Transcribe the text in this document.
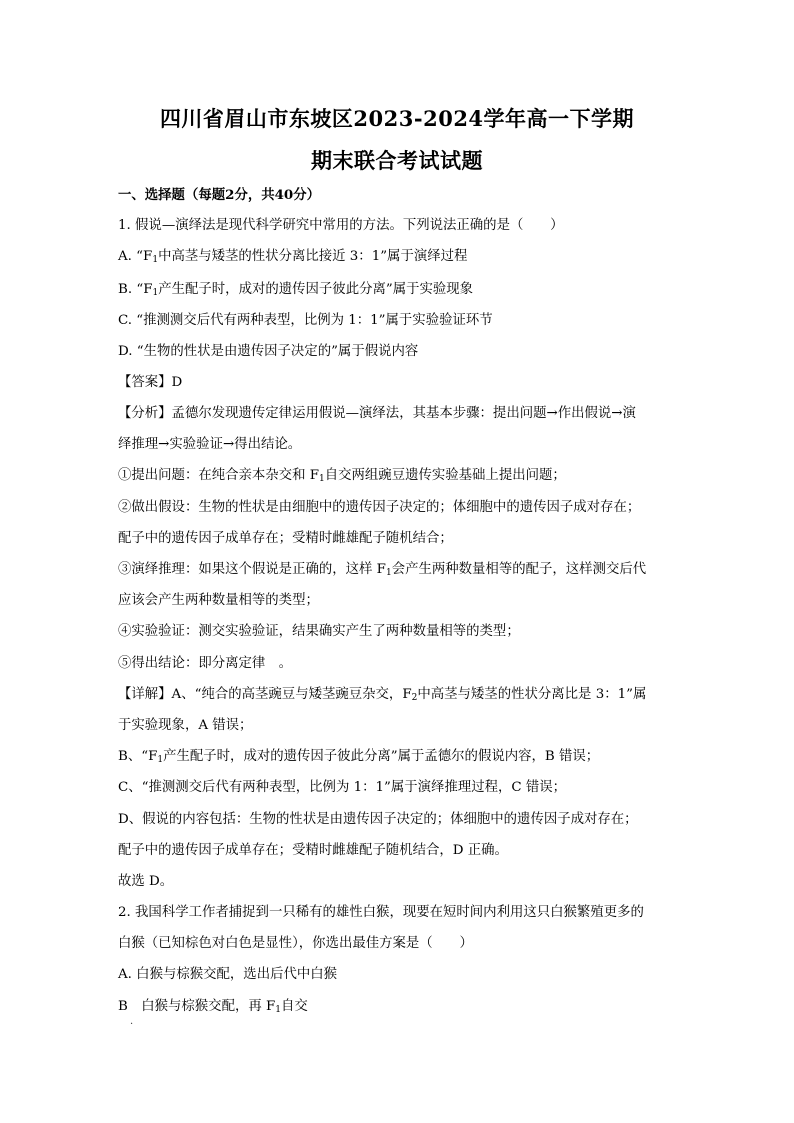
四川省眉山市东坡区2023-2024学年高一下学期
期末联合考试试题
一、选择题（每题2分，共40分）
1. 假说—演绎法是现代科学研究中常用的方法。下列说法正确的是（　　）
A. “$F_1$中高茎与矮茎的性状分离比接近 3：1”属于演绎过程
B. “$F_1$产生配子时，成对的遗传因子彼此分离”属于实验现象
C. “推测测交后代有两种表型，比例为 1：1”属于实验验证环节
D. “生物的性状是由遗传因子决定的”属于假说内容
【答案】D
【分析】孟德尔发现遗传定律运用假说—演绎法，其基本步骤：提出问题→作出假说→演
绎推理→实验验证→得出结论。
①提出问题：在纯合亲本杂交和 $F_1$自交两组豌豆遗传实验基础上提出问题；
②做出假设：生物的性状是由细胞中的遗传因子决定的；体细胞中的遗传因子成对存在；
配子中的遗传因子成单存在；受精时雌雄配子随机结合；
③演绎推理：如果这个假说是正确的，这样 $F_1$会产生两种数量相等的配子，这样测交后代
应该会产生两种数量相等的类型；
④实验验证：测交实验验证，结果确实产生了两种数量相等的类型；
⑤得出结论：即分离定律　。
【详解】A、“纯合的高茎豌豆与矮茎豌豆杂交，$F_2$中高茎与矮茎的性状分离比是 3：1”属
于实验现象，A 错误；
B、“$F_1$产生配子时，成对的遗传因子彼此分离”属于孟德尔的假说内容，B 错误；
C、“推测测交后代有两种表型，比例为 1：1”属于演绎推理过程，C 错误；
D、假说的内容包括：生物的性状是由遗传因子决定的；体细胞中的遗传因子成对存在；
配子中的遗传因子成单存在；受精时雌雄配子随机结合，D 正确。
故选 D。
2. 我国科学工作者捕捉到一只稀有的雄性白猴，现要在短时间内利用这只白猴繁殖更多的
白猴（已知棕色对白色是显性），你选出最佳方案是（　　）
A. 白猴与棕猴交配，选出后代中白猴
B　白猴与棕猴交配，再 $F_1$自交
·
